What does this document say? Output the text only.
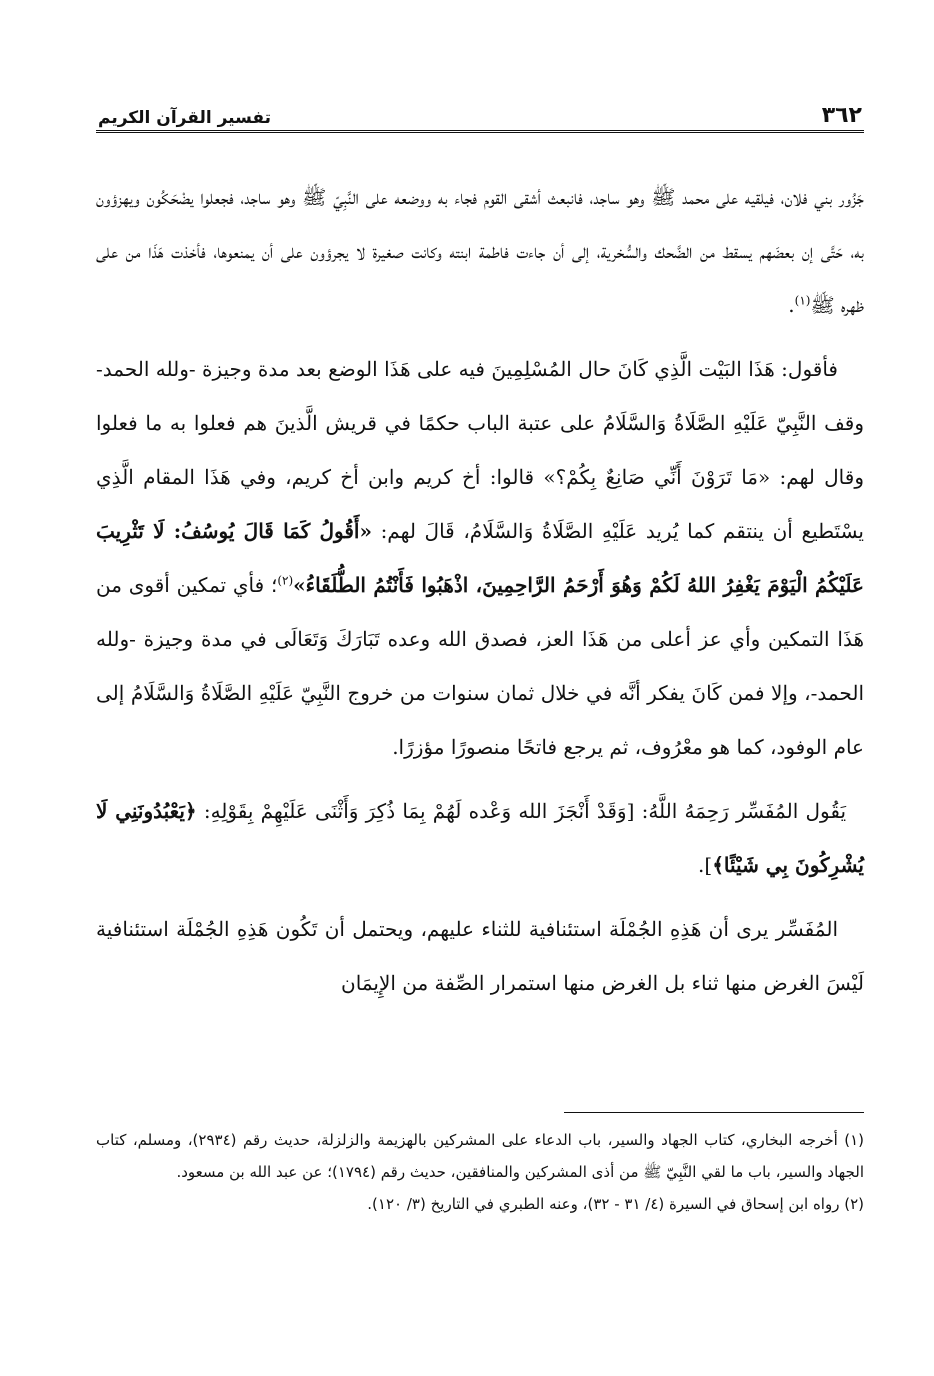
٣٦٢
تفسير القرآن الكريم

جَزُور بني فلان، فيلقيه على محمد ﷺ وهو ساجد، فانبعث أشقى القوم فجاء به ووضعه على النَّبِيّ ﷺ وهو ساجد، فجعلوا يضْحَكُون ويهزؤون به، حَتَّى إن بعضَهم يسقط من الضَّحك والسُّخرية، إلى أن جاءت فاطمة ابنته وكانت صغيرة لا يجرؤون على أن يمنعوها، فأخذت هَذَا من على ظهره ﷺ$^{(١)}$.

فأقول: هَذَا البَيْت الَّذِي كَانَ حال المُسْلِمِينَ فيه على هَذَا الوضع بعد مدة وجيزة -ولله الحمد- وقف النَّبِيّ عَلَيْهِ الصَّلَاةُ وَالسَّلَامُ على عتبة الباب حكمًا في قريش الَّذينَ هم فعلوا به ما فعلوا وقال لهم: «مَا تَرَوْنَ أَنِّي صَانِعٌ بِكُمْ؟» قالوا: أخ كريم وابن أخ كريم، وفي هَذَا المقام الَّذِي يسْتَطيع أن ينتقم كما يُريد عَلَيْهِ الصَّلَاةُ وَالسَّلَامُ، قَالَ لهم: «أَقُولُ كَمَا قَالَ يُوسُفُ: لَا تَثْرِيبَ عَلَيْكُمُ الْيَوْمَ يَغْفِرُ اللهُ لَكُمْ وَهُوَ أَرْحَمُ الرَّاحِمِينَ، اذْهَبُوا فَأَنْتُمُ الطُّلَقَاءُ»$^{(٢)}$؛ فأي تمكين أقوى من هَذَا التمكين وأي عز أعلى من هَذَا العز، فصدق الله وعده تَبَارَكَ وَتَعَالَى في مدة وجيزة -ولله الحمد-، وإلا فمن كَانَ يفكر أنَّه في خلال ثمان سنوات من خروج النَّبِيّ عَلَيْهِ الصَّلَاةُ وَالسَّلَامُ إلى عام الوفود، كما هو معْرُوف، ثم يرجع فاتحًا منصورًا مؤزرًا.

يَقُول المُفَسِّر رَحِمَهُ اللَّهُ: [وَقَدْ أَنْجَزَ الله وَعْده لَهُمْ بِمَا ذُكِرَ وَأَثْنَى عَلَيْهِمْ بِقَوْلِهِ: ﴿يَعْبُدُونَنِي لَا يُشْرِكُونَ بِي شَيْئًا﴾].

المُفَسِّر يرى أن هَذِهِ الجُمْلَة استئنافية للثناء عليهم، ويحتمل أن تَكُون هَذِهِ الجُمْلَة استئنافية لَيْسَ الغرض منها ثناء بل الغرض منها استمرار الصِّفة من الإِيمَان

(١) أخرجه البخاري، كتاب الجهاد والسير، باب الدعاء على المشركين بالهزيمة والزلزلة، حديث رقم (٢٩٣٤)، ومسلم، كتاب الجهاد والسير، باب ما لقي النَّبِيّ ﷺ من أذى المشركين والمنافقين، حديث رقم (١٧٩٤)؛ عن عبد الله بن مسعود.

(٢) رواه ابن إسحاق في السيرة (٤/ ٣١ - ٣٢)، وعنه الطبري في التاريخ (٣/ ١٢٠).
